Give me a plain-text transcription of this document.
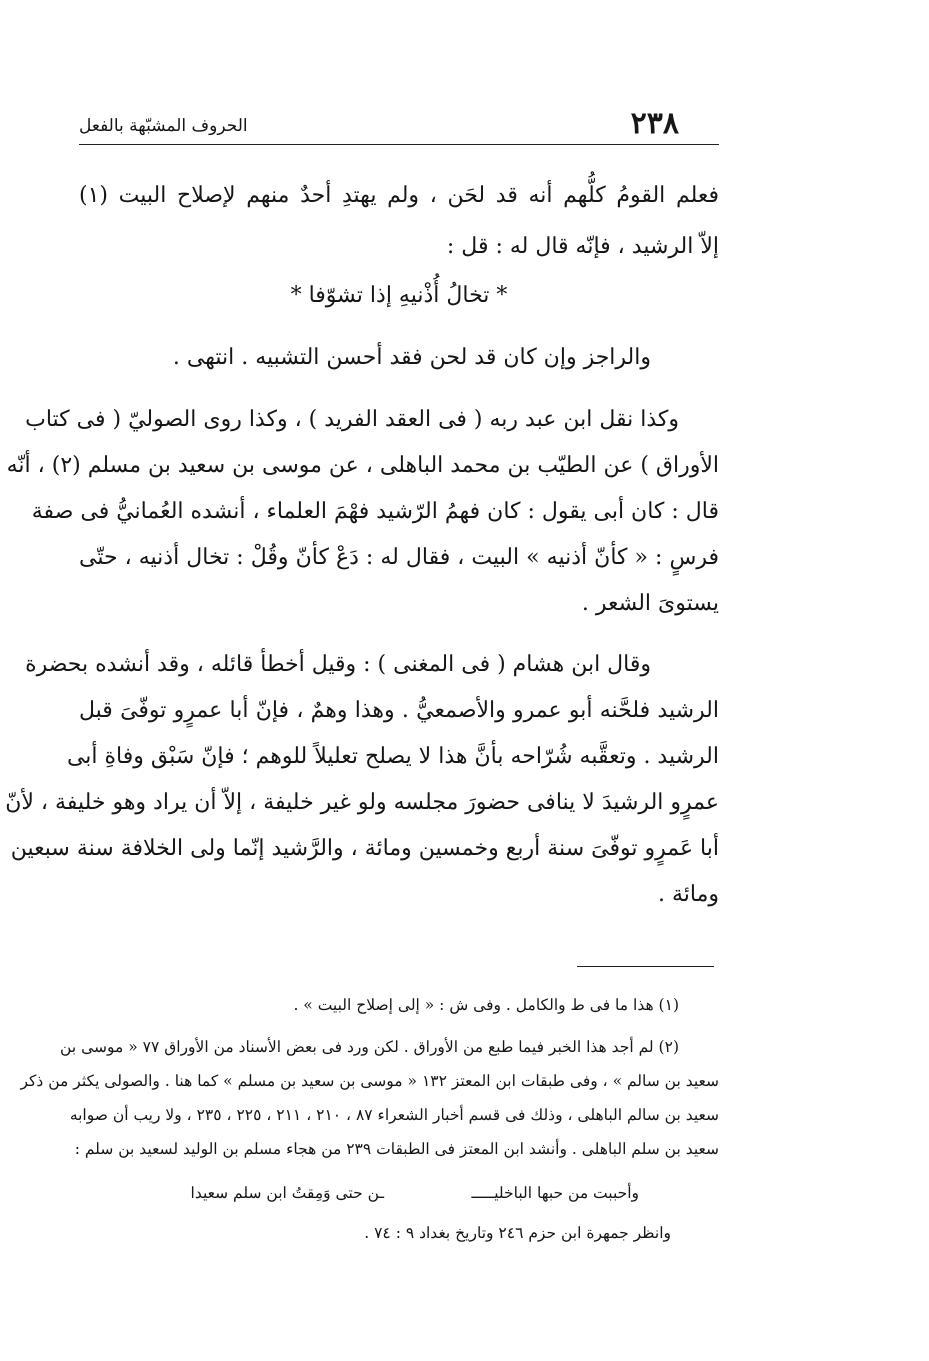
٢٣٨
الحروف المشبّهة بالفعل
فعلم القومُ كلُّهم أنه قد لحَن ، ولم يهتدِ أحدٌ منهم لإصلاح البيت (١)
إلاّ الرشيد ، فإنّه قال له : قل :
* تخالُ أُذْنيهِ إذا تشوّفا *
والراجز وإن كان قد لحن فقد أحسن التشبيه . انتهى .
وكذا نقل ابن عبد ربه ( فى العقد الفريد ) ، وكذا روى الصوليّ ( فى كتاب
الأوراق ) عن الطيّب بن محمد الباهلى ، عن موسى بن سعيد بن مسلم (٢) ، أنّه
قال : كان أبى يقول : كان فهمُ الرّشيد فهْمَ العلماء ، أنشده العُمانيُّ فى صفة
فرسٍ : « كأنّ أذنيه » البيت ، فقال له : دَعْ كأنّ وقُلْ : تخال أذنيه ، حتّى
يستوىَ الشعر .
وقال ابن هشام ( فى المغنى ) : وقيل أخطأ قائله ، وقد أنشده بحضرة
الرشيد فلحَّنه أبو عمرو والأصمعيُّ . وهذا وهمٌ ، فإنّ أبا عمرٍو توفّىَ قبل
الرشيد . وتعقَّبه شُرّاحه بأنَّ هذا لا يصلح تعليلاً للوهم ؛ فإنّ سَبْق وفاةِ أبى
عمرٍو الرشيدَ لا ينافى حضورَ مجلسه ولو غير خليفة ، إلاّ أن يراد وهو خليفة ، لأنّ
أبا عَمرٍو توفّىَ سنة أربع وخمسين ومائة ، والرَّشيد إنّما ولى الخلافة سنة سبعين
ومائة .
(١) هذا ما فى ط والكامل . وفى ش : « إلى إصلاح البيت » .
(٢) لم أجد هذا الخبر فيما طبع من الأوراق . لكن ورد فى بعض الأسناد من الأوراق ٧٧ « موسى بن
سعيد بن سالم » ، وفى طبقات ابن المعتز ١٣٢ « موسى بن سعيد بن مسلم » كما هنا . والصولى يكثر من ذكر
سعيد بن سالم الباهلى ، وذلك فى قسم أخبار الشعراء ٨٧ ، ٢١٠ ، ٢١١ ، ٢٢٥ ، ٢٣٥ ، ولا ريب أن صوابه
سعيد بن سلم الباهلى . وأنشد ابن المعتز فى الطبقات ٢٣٩ من هجاء مسلم بن الوليد لسعيد بن سلم :
وأحببت من حبها الباخليـــــ
ـن حتى وَمِقتُ ابن سلم سعيدا
وانظر جمهرة ابن حزم ٢٤٦ وتاريخ بغداد ٩ : ٧٤ .
